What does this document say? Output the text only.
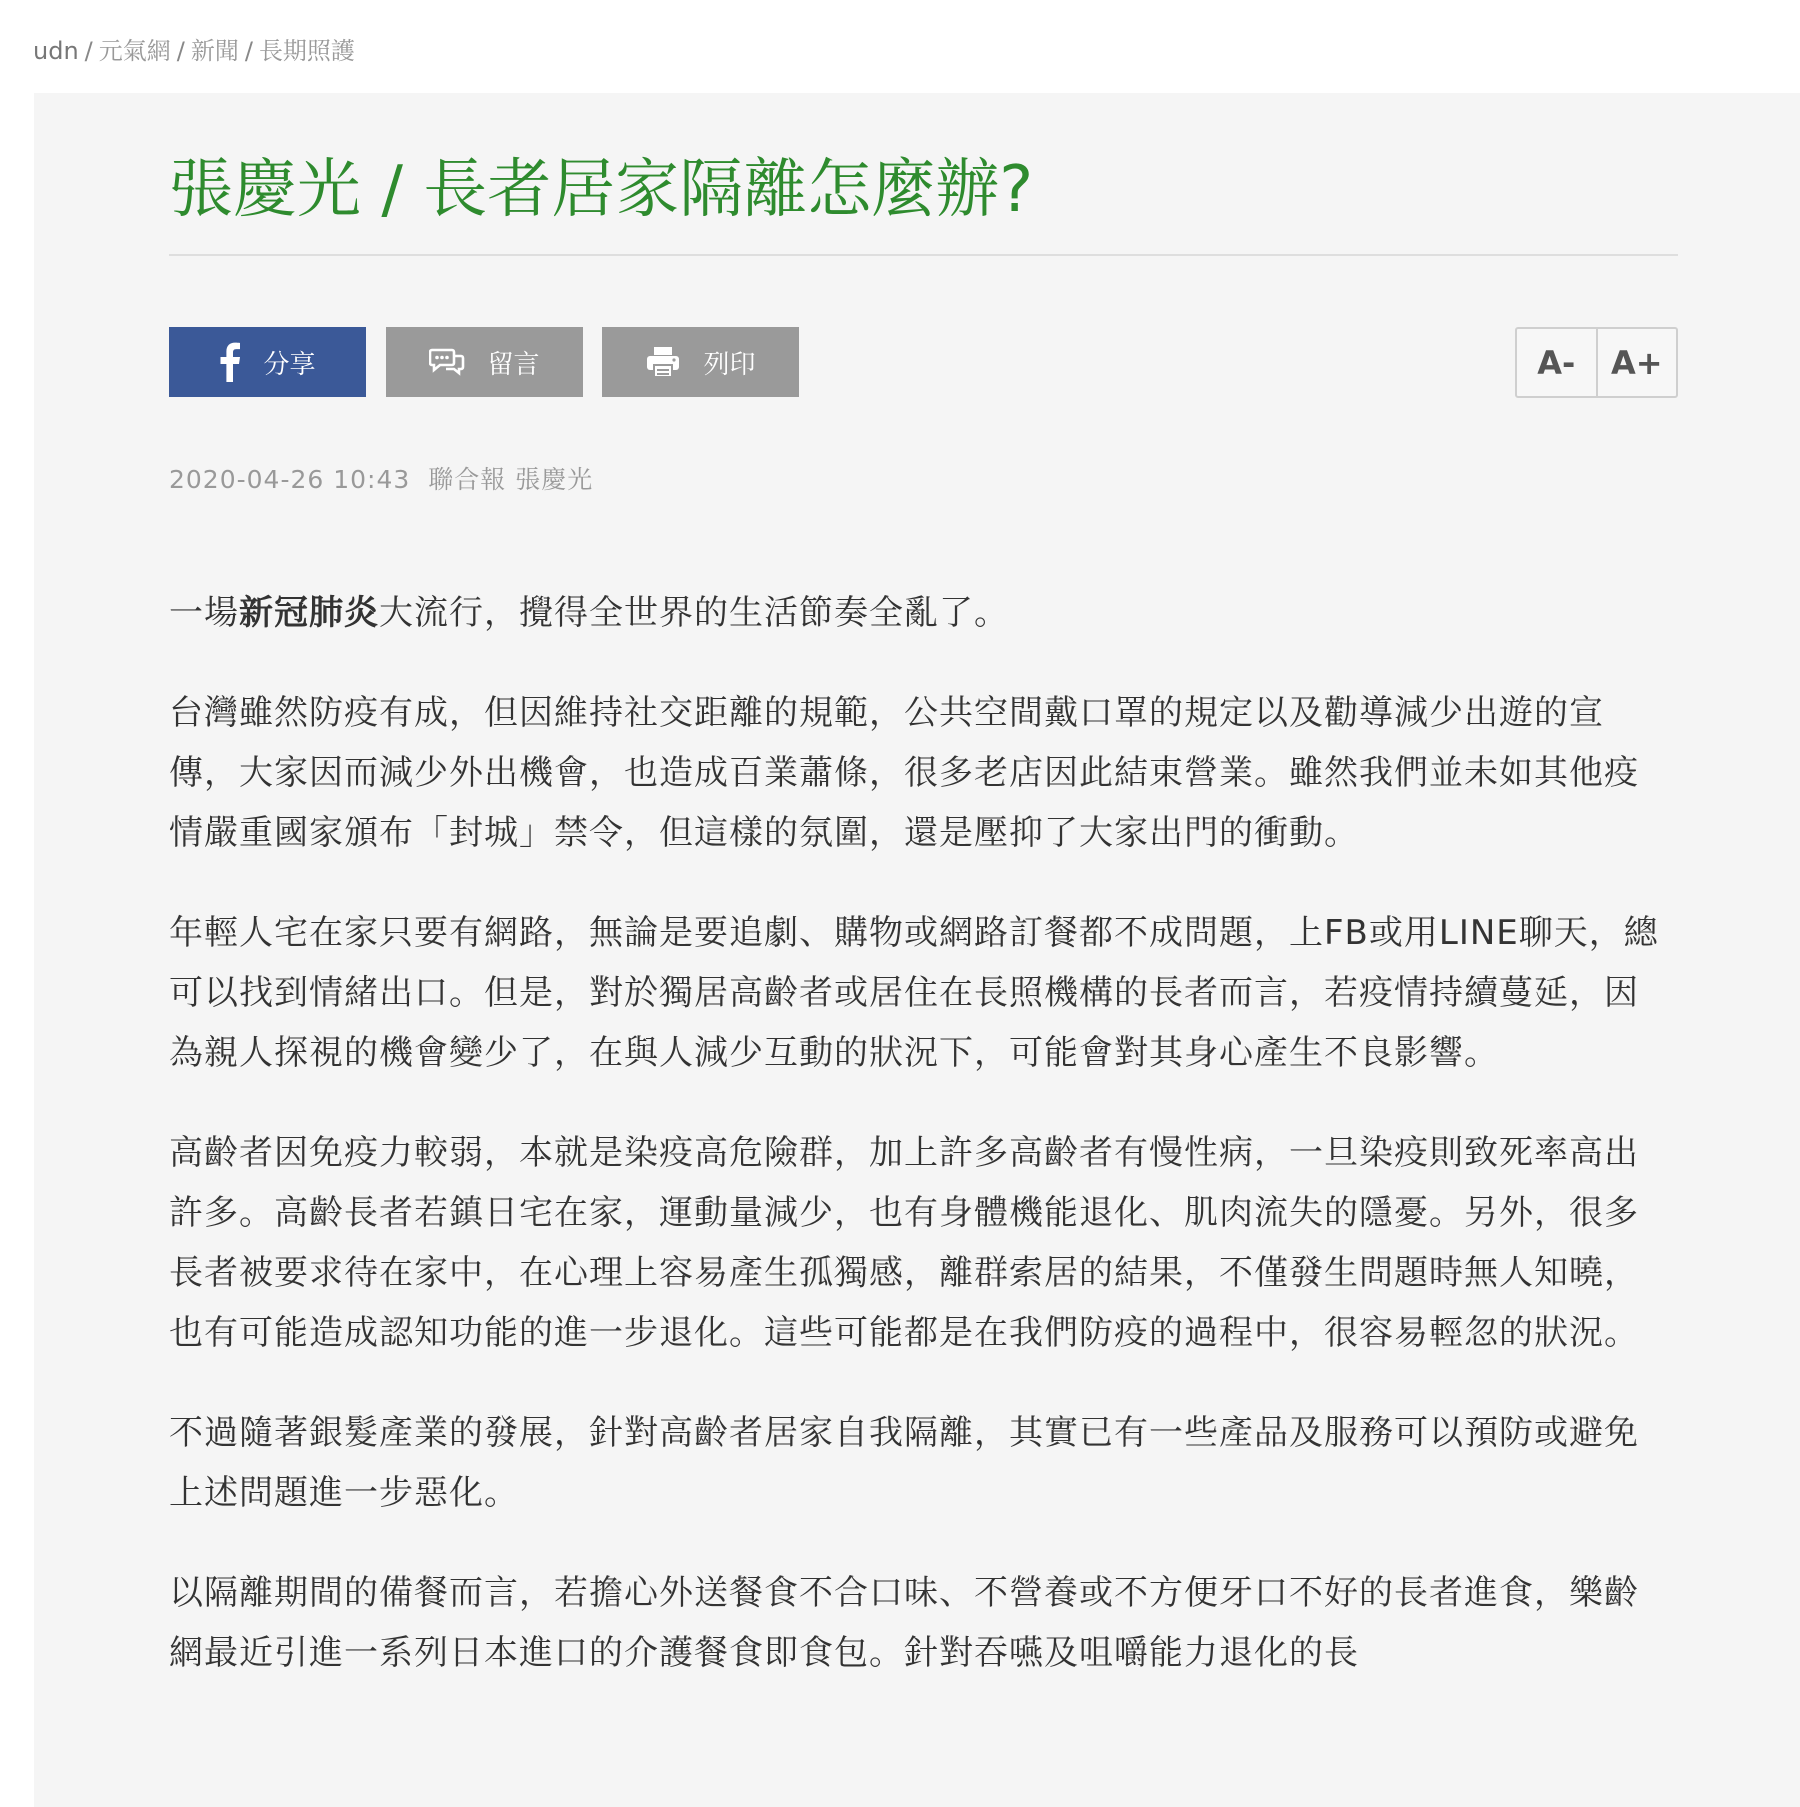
udn / 元氣網 / 新聞 / 長期照護
張慶光 / 長者居家隔離怎麼辦?
分享	留言	列印	A-	A+
2020-04-26 10:43 聯合報 張慶光

一場新冠肺炎大流行，攪得全世界的生活節奏全亂了。

台灣雖然防疫有成，但因維持社交距離的規範，公共空間戴口罩的規定以及勸導減少出遊的宣傳，大家因而減少外出機會，也造成百業蕭條，很多老店因此結束營業。雖然我們並未如其他疫情嚴重國家頒布「封城」禁令，但這樣的氛圍，還是壓抑了大家出門的衝動。

年輕人宅在家只要有網路，無論是要追劇、購物或網路訂餐都不成問題，上FB或用LINE聊天，總可以找到情緒出口。但是，對於獨居高齡者或居住在長照機構的長者而言，若疫情持續蔓延，因為親人探視的機會變少了，在與人減少互動的狀況下，可能會對其身心產生不良影響。

高齡者因免疫力較弱，本就是染疫高危險群，加上許多高齡者有慢性病，一旦染疫則致死率高出許多。高齡長者若鎮日宅在家，運動量減少，也有身體機能退化、肌肉流失的隱憂。另外，很多長者被要求待在家中，在心理上容易產生孤獨感，離群索居的結果，不僅發生問題時無人知曉，也有可能造成認知功能的進一步退化。這些可能都是在我們防疫的過程中，很容易輕忽的狀況。

不過隨著銀髮產業的發展，針對高齡者居家自我隔離，其實已有一些產品及服務可以預防或避免上述問題進一步惡化。

以隔離期間的備餐而言，若擔心外送餐食不合口味、不營養或不方便牙口不好的長者進食，樂齡網最近引進一系列日本進口的介護餐食即食包。針對吞嚥及咀嚼能力退化的長
